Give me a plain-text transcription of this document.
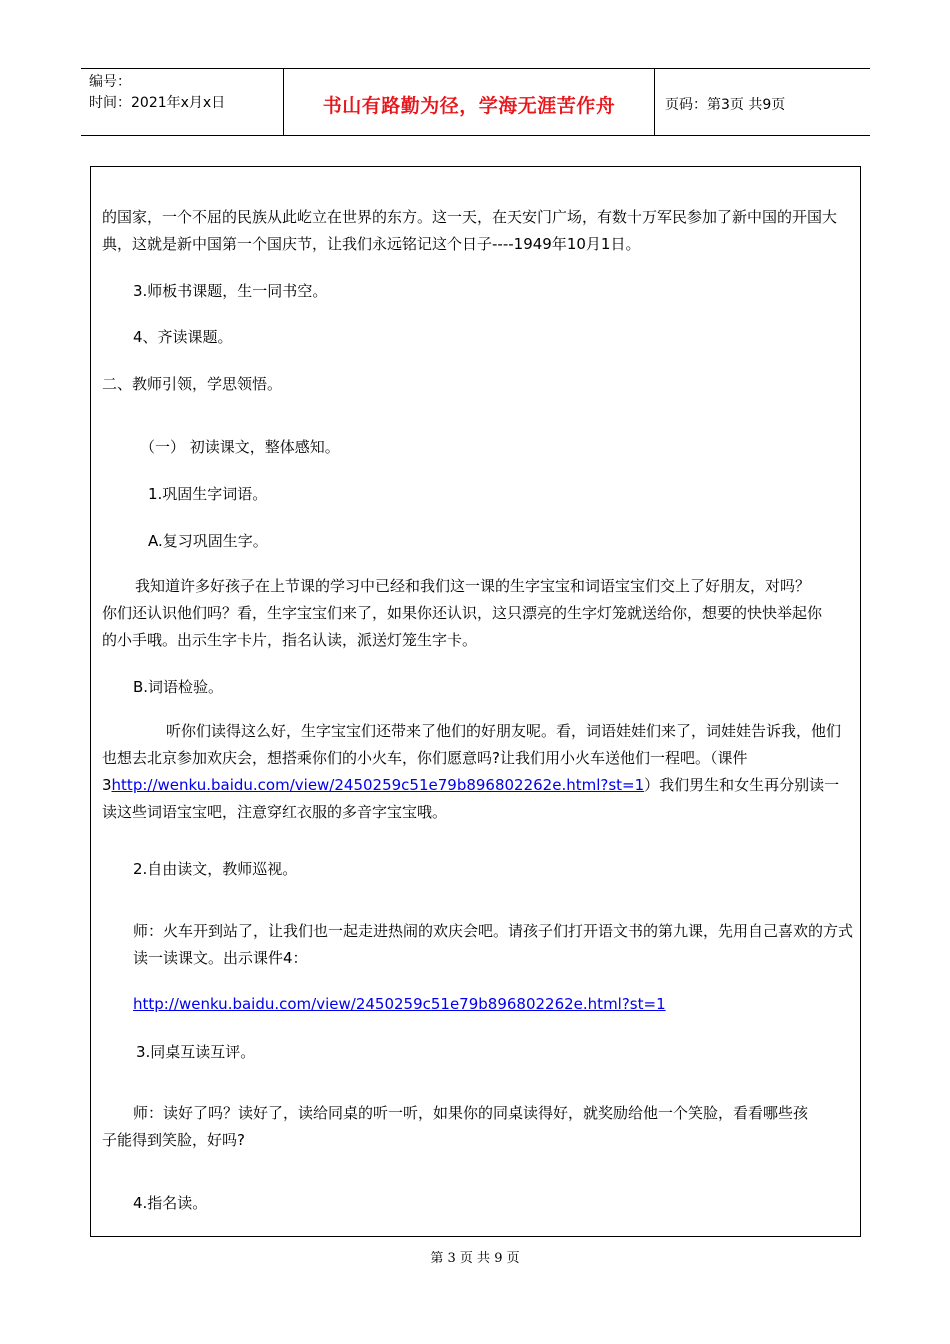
编号：
时间：2021年x月x日	书山有路勤为径，学海无涯苦作舟	页码：第3页 共9页
的国家，一个不屈的民族从此屹立在世界的东方。这一天，在天安门广场，有数十万军民参加了新中国的开国大典，这就是新中国第一个国庆节，让我们永远铭记这个日子----1949年10月1日。
3.师板书课题，生一同书空。
4、齐读课题。
二、教师引领，学思领悟。
（一） 初读课文，整体感知。
1.巩固生字词语。
A.复习巩固生字。
我知道许多好孩子在上节课的学习中已经和我们这一课的生字宝宝和词语宝宝们交上了好朋友，对吗？你们还认识他们吗？看，生字宝宝们来了，如果你还认识，这只漂亮的生字灯笼就送给你，想要的快快举起你的小手哦。出示生字卡片，指名认读，派送灯笼生字卡。
B.词语检验。
听你们读得这么好，生字宝宝们还带来了他们的好朋友呢。看，词语娃娃们来了，词娃娃告诉我，他们也想去北京参加欢庆会，想搭乘你们的小火车，你们愿意吗?让我们用小火车送他们一程吧。（课件3http://wenku.baidu.com/view/2450259c51e79b896802262e.html?st=1）我们男生和女生再分别读一读这些词语宝宝吧，注意穿红衣服的多音字宝宝哦。
2.自由读文，教师巡视。
师：火车开到站了，让我们也一起走进热闹的欢庆会吧。请孩子们打开语文书的第九课，先用自己喜欢的方式读一读课文。出示课件4：
http://wenku.baidu.com/view/2450259c51e79b896802262e.html?st=1
3.同桌互读互评。
师：读好了吗？读好了，读给同桌的听一听，如果你的同桌读得好，就奖励给他一个笑脸，看看哪些孩子能得到笑脸，好吗?
4.指名读。
第 3 页 共 9 页
